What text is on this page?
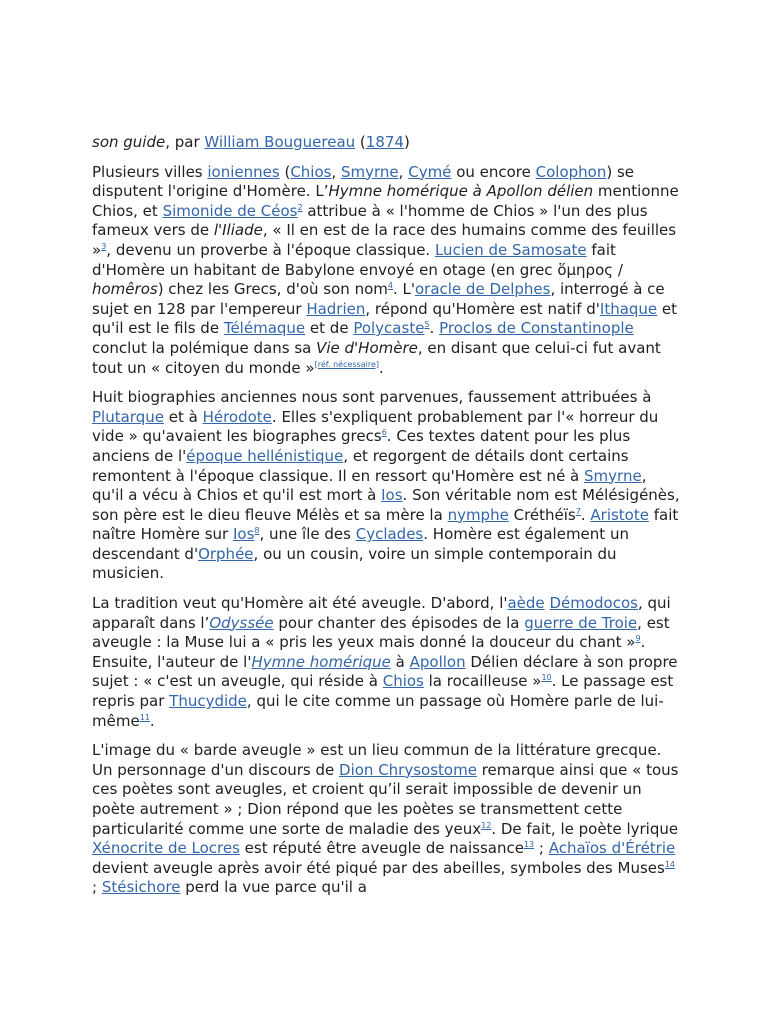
son guide, par William Bouguereau (1874)

Plusieurs villes ioniennes (Chios, Smyrne, Cymé ou encore Colophon) se disputent l'origine d'Homère. L’Hymne homérique à Apollon délien mentionne Chios, et Simonide de Céos$^2$ attribue à « l'homme de Chios » l'un des plus fameux vers de l'Iliade, « Il en est de la race des humains comme des feuilles »$^3$, devenu un proverbe à l'époque classique. Lucien de Samosate fait d'Homère un habitant de Babylone envoyé en otage (en grec ὅμηρος / homêros) chez les Grecs, d'où son nom$^4$. L'oracle de Delphes, interrogé à ce sujet en 128 par l'empereur Hadrien, répond qu'Homère est natif d'Ithaque et qu'il est le fils de Télémaque et de Polycaste$^5$. Proclos de Constantinople conclut la polémique dans sa Vie d'Homère, en disant que celui-ci fut avant tout un « citoyen du monde »[réf. nécessaire].

Huit biographies anciennes nous sont parvenues, faussement attribuées à Plutarque et à Hérodote. Elles s'expliquent probablement par l'« horreur du vide » qu'avaient les biographes grecs$^6$. Ces textes datent pour les plus anciens de l'époque hellénistique, et regorgent de détails dont certains remontent à l'époque classique. Il en ressort qu'Homère est né à Smyrne, qu'il a vécu à Chios et qu'il est mort à Ios. Son véritable nom est Mélésigénès, son père est le dieu fleuve Mélès et sa mère la nymphe Créthéïs$^7$. Aristote fait naître Homère sur Ios$^8$, une île des Cyclades. Homère est également un descendant d'Orphée, ou un cousin, voire un simple contemporain du musicien.

La tradition veut qu'Homère ait été aveugle. D'abord, l'aède Démodocos, qui apparaît dans l’Odyssée pour chanter des épisodes de la guerre de Troie, est aveugle : la Muse lui a « pris les yeux mais donné la douceur du chant »$^9$. Ensuite, l'auteur de l'Hymne homérique à Apollon Délien déclare à son propre sujet : « c'est un aveugle, qui réside à Chios la rocailleuse »$^{10}$. Le passage est repris par Thucydide, qui le cite comme un passage où Homère parle de lui-même$^{11}$.

L'image du « barde aveugle » est un lieu commun de la littérature grecque. Un personnage d'un discours de Dion Chrysostome remarque ainsi que « tous ces poètes sont aveugles, et croient qu’il serait impossible de devenir un poète autrement » ; Dion répond que les poètes se transmettent cette particularité comme une sorte de maladie des yeux$^{12}$. De fait, le poète lyrique Xénocrite de Locres est réputé être aveugle de naissance$^{13}$ ; Achaïos d'Érétrie devient aveugle après avoir été piqué par des abeilles, symboles des Muses$^{14}$ ; Stésichore perd la vue parce qu'il a
